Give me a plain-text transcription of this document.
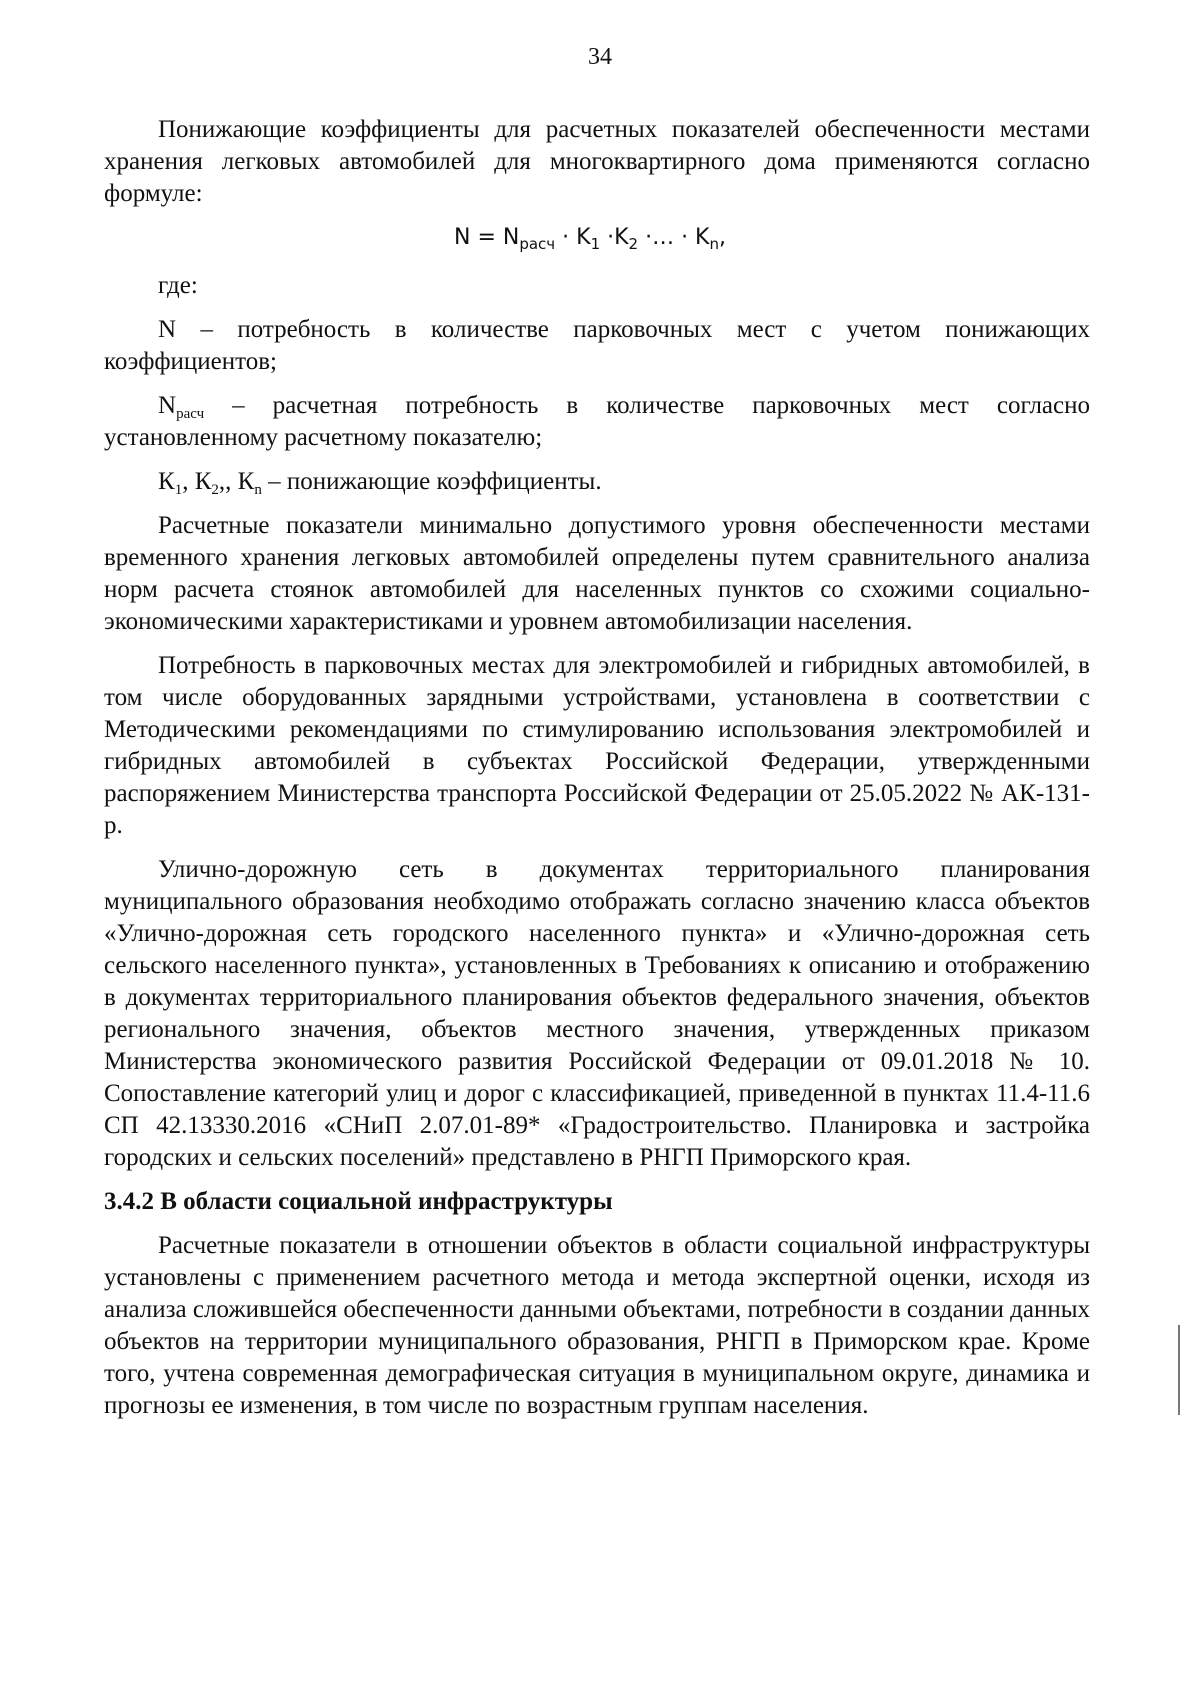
34

Понижающие коэффициенты для расчетных показателей обеспеченности местами хранения легковых автомобилей для многоквартирного дома применяются согласно формуле:

$N = N_{расч} \cdot K_1 \cdot K_2$ ·… · $K_n$,

где:

N – потребность в количестве парковочных мест с учетом понижающих коэффициентов;

$N_{расч}$ – расчетная потребность в количестве парковочных мест согласно установленному расчетному показателю;

$К_1$, $К_2$,, $К_n$ – понижающие коэффициенты.

Расчетные показатели минимально допустимого уровня обеспеченности местами временного хранения легковых автомобилей определены путем сравнительного анализа норм расчета стоянок автомобилей для населенных пунктов со схожими социально-экономическими характеристиками и уровнем автомобилизации населения.

Потребность в парковочных местах для электромобилей и гибридных автомобилей, в том числе оборудованных зарядными устройствами, установлена в соответствии с Методическими рекомендациями по стимулированию использования электромобилей и гибридных автомобилей в субъектах Российской Федерации, утвержденными распоряжением Министерства транспорта Российской Федерации от 25.05.2022 № АК-131-р.

Улично-дорожную сеть в документах территориального планирования муниципального образования необходимо отображать согласно значению класса объектов «Улично-дорожная сеть городского населенного пункта» и «Улично-дорожная сеть сельского населенного пункта», установленных в Требованиях к описанию и отображению в документах территориального планирования объектов федерального значения, объектов регионального значения, объектов местного значения, утвержденных приказом Министерства экономического развития Российской Федерации от 09.01.2018 № 10. Сопоставление категорий улиц и дорог с классификацией, приведенной в пунктах 11.4-11.6 СП 42.13330.2016 «СНиП 2.07.01-89* «Градостроительство. Планировка и застройка городских и сельских поселений» представлено в РНГП Приморского края.

3.4.2 В области социальной инфраструктуры

Расчетные показатели в отношении объектов в области социальной инфраструктуры установлены с применением расчетного метода и метода экспертной оценки, исходя из анализа сложившейся обеспеченности данными объектами, потребности в создании данных объектов на территории муниципального образования, РНГП в Приморском крае. Кроме того, учтена современная демографическая ситуация в муниципальном округе, динамика и прогнозы ее изменения, в том числе по возрастным группам населения.
